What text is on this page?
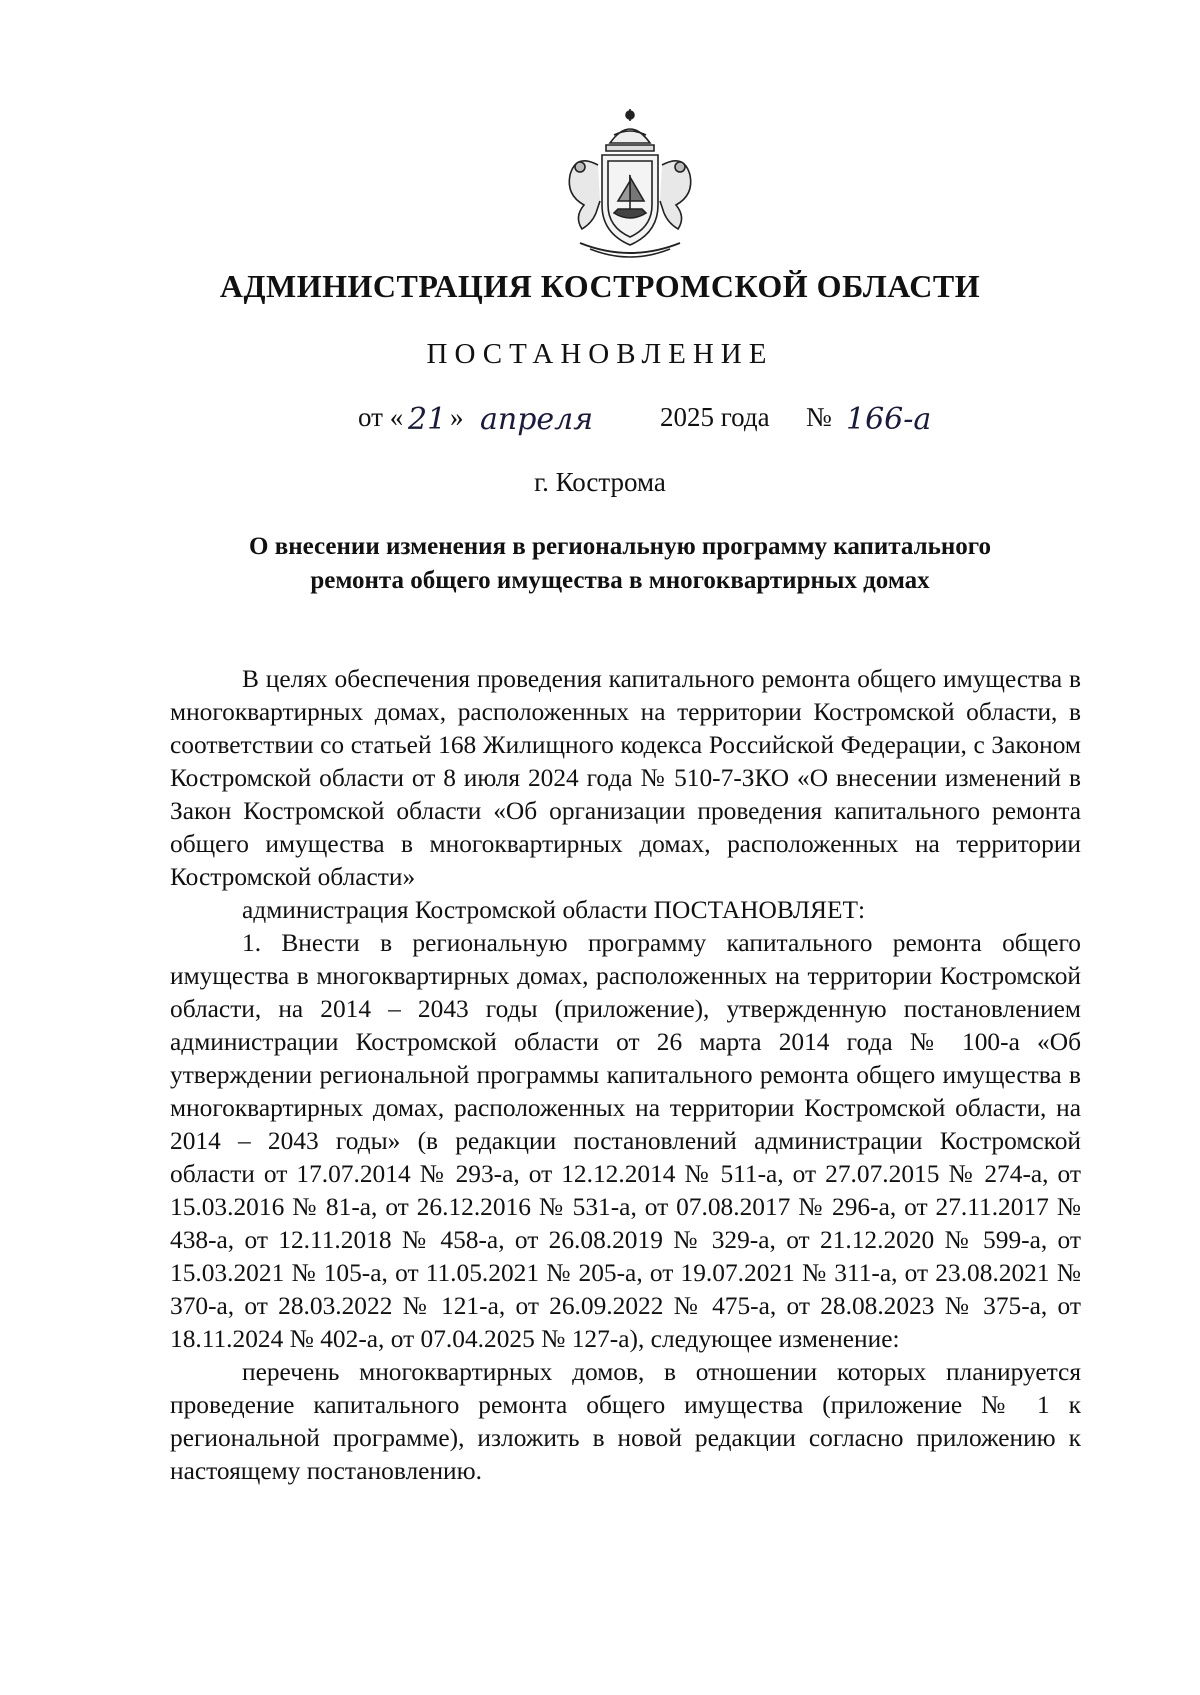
АДМИНИСТРАЦИЯ КОСТРОМСКОЙ ОБЛАСТИ
ПОСТАНОВЛЕНИЕ
от « 21 » апреля 2025 года № 166-а
г. Кострома
О внесении изменения в региональную программу капитального
ремонта общего имущества в многоквартирных домах

В целях обеспечения проведения капитального ремонта общего имущества в многоквартирных домах, расположенных на территории Костромской области, в соответствии со статьей 168 Жилищного кодекса Российской Федерации, с Законом Костромской области от 8 июля 2024 года № 510-7-ЗКО «О внесении изменений в Закон Костромской области «Об организации проведения капитального ремонта общего имущества в многоквартирных домах, расположенных на территории Костромской области»

администрация Костромской области ПОСТАНОВЛЯЕТ:

1. Внести в региональную программу капитального ремонта общего имущества в многоквартирных домах, расположенных на территории Костромской области, на 2014 – 2043 годы (приложение), утвержденную постановлением администрации Костромской области от 26 марта 2014 года № 100-а «Об утверждении региональной программы капитального ремонта общего имущества в многоквартирных домах, расположенных на территории Костромской области, на 2014 – 2043 годы» (в редакции постановлений администрации Костромской области от 17.07.2014 № 293-а, от 12.12.2014 № 511-а, от 27.07.2015 № 274-а, от 15.03.2016 № 81-а, от 26.12.2016 № 531-а, от 07.08.2017 № 296-а, от 27.11.2017 № 438-а, от 12.11.2018 № 458-а, от 26.08.2019 № 329-а, от 21.12.2020 № 599-а, от 15.03.2021 № 105-а, от 11.05.2021 № 205-а, от 19.07.2021 № 311-а, от 23.08.2021 № 370-а, от 28.03.2022 № 121-а, от 26.09.2022 № 475-а, от 28.08.2023 № 375-а, от 18.11.2024 № 402-а, от 07.04.2025 № 127-а), следующее изменение:

перечень многоквартирных домов, в отношении которых планируется проведение капитального ремонта общего имущества (приложение № 1 к региональной программе), изложить в новой редакции согласно приложению к настоящему постановлению.
